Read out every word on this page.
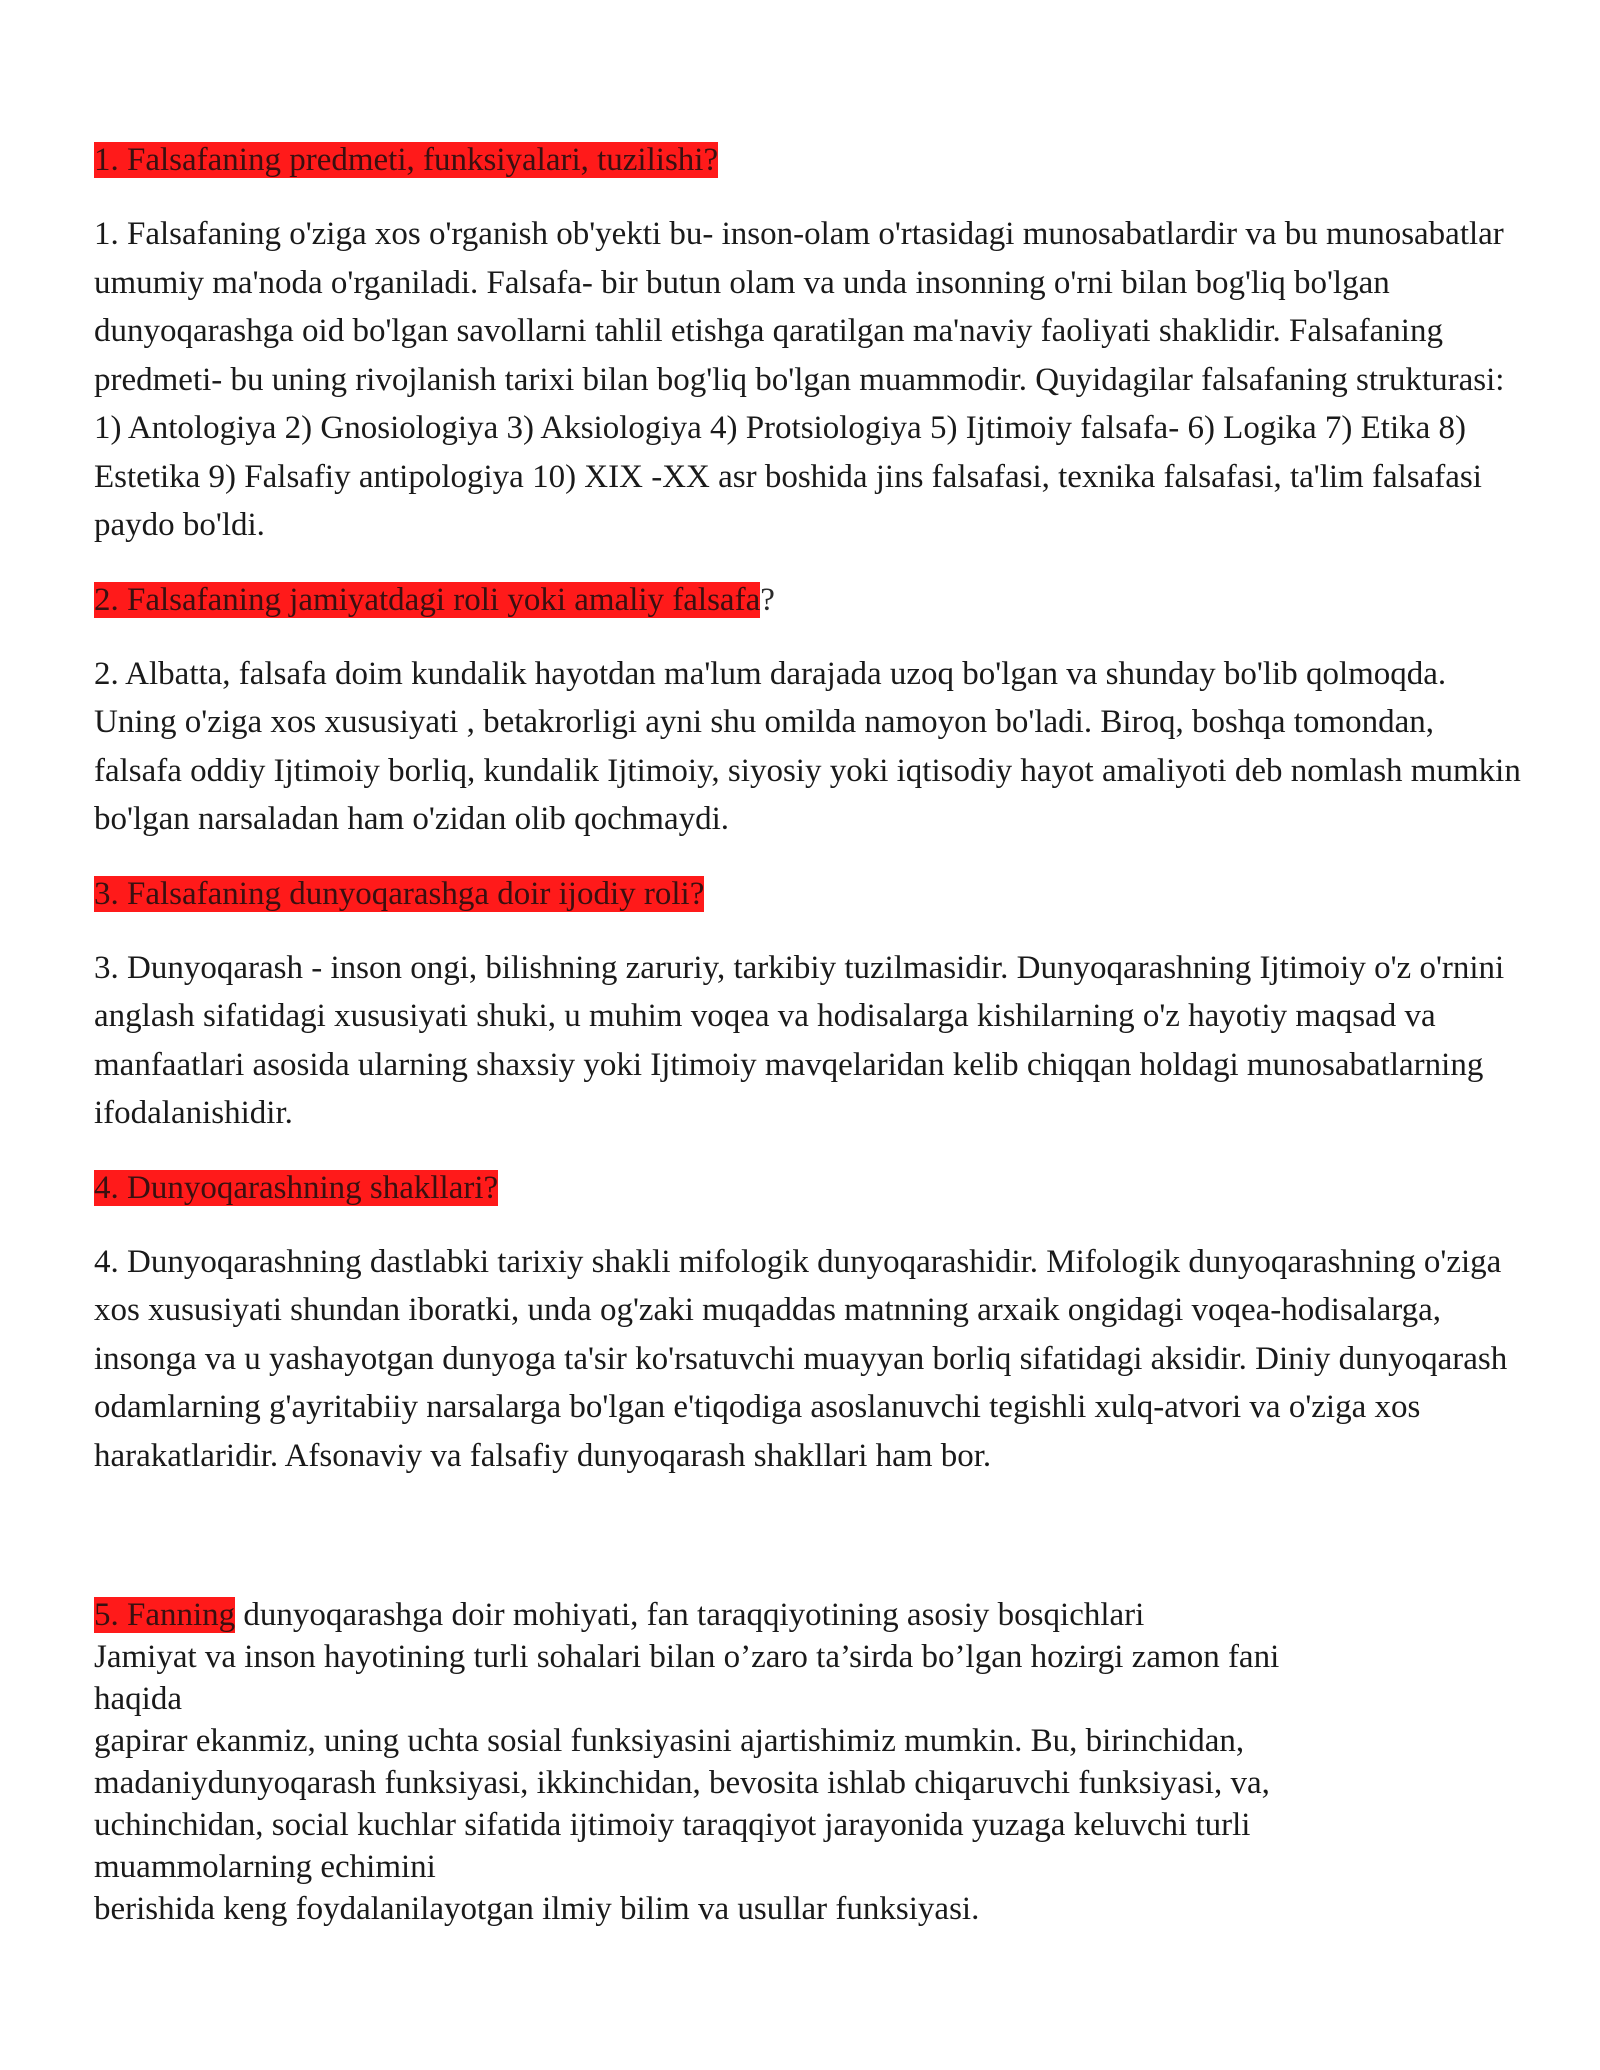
1. Falsafaning predmeti, funksiyalari, tuzilishi?

1. Falsafaning o'ziga xos o'rganish ob'yekti bu- inson-olam o'rtasidagi munosabatlardir va bu munosabatlar umumiy ma'noda o'rganiladi. Falsafa- bir butun olam va unda insonning o'rni bilan bog'liq bo'lgan dunyoqarashga oid bo'lgan savollarni tahlil etishga qaratilgan ma'naviy faoliyati shaklidir. Falsafaning predmeti- bu uning rivojlanish tarixi bilan bog'liq bo'lgan muammodir. Quyidagilar falsafaning strukturasi: 1) Antologiya 2) Gnosiologiya 3) Aksiologiya 4) Protsiologiya 5) Ijtimoiy falsafa- 6) Logika 7) Etika 8) Estetika 9) Falsafiy antipologiya 10) XIX -XX asr boshida jins falsafasi, texnika falsafasi, ta'lim falsafasi paydo bo'ldi.

2. Falsafaning jamiyatdagi roli yoki amaliy falsafa?

2. Albatta, falsafa doim kundalik hayotdan ma'lum darajada uzoq bo'lgan va shunday bo'lib qolmoqda. Uning o'ziga xos xususiyati , betakrorligi ayni shu omilda namoyon bo'ladi. Biroq, boshqa tomondan, falsafa oddiy Ijtimoiy borliq, kundalik Ijtimoiy, siyosiy yoki iqtisodiy hayot amaliyoti deb nomlash mumkin bo'lgan narsaladan ham o'zidan olib qochmaydi.

3. Falsafaning dunyoqarashga doir ijodiy roli?

3. Dunyoqarash - inson ongi, bilishning zaruriy, tarkibiy tuzilmasidir. Dunyoqarashning Ijtimoiy o'z o'rnini anglash sifatidagi xususiyati shuki, u muhim voqea va hodisalarga kishilarning o'z hayotiy maqsad va manfaatlari asosida ularning shaxsiy yoki Ijtimoiy mavqelaridan kelib chiqqan holdagi munosabatlarning ifodalanishidir.

4. Dunyoqarashning shakllari?

4. Dunyoqarashning dastlabki tarixiy shakli mifologik dunyoqarashidir. Mifologik dunyoqarashning o'ziga xos xususiyati shundan iboratki, unda og'zaki muqaddas matnning arxaik ongidagi voqea-hodisalarga, insonga va u yashayotgan dunyoga ta'sir ko'rsatuvchi muayyan borliq sifatidagi aksidir. Diniy dunyoqarash odamlarning g'ayritabiiy narsalarga bo'lgan e'tiqodiga asoslanuvchi tegishli xulq-atvori va o'ziga xos harakatlaridir. Afsonaviy va falsafiy dunyoqarash shakllari ham bor.

5. Fanning dunyoqarashga doir mohiyati, fan taraqqiyotining asosiy bosqichlari
Jamiyat va inson hayotining turli sohalari bilan o’zaro ta’sirda bo’lgan hozirgi zamon fani
haqida
gapirar ekanmiz, uning uchta sosial funksiyasini ajartishimiz mumkin. Bu, birinchidan,
madaniydunyoqarash funksiyasi, ikkinchidan, bevosita ishlab chiqaruvchi funksiyasi, va,
uchinchidan, social kuchlar sifatida ijtimoiy taraqqiyot jarayonida yuzaga keluvchi turli
muammolarning echimini
berishida keng foydalanilayotgan ilmiy bilim va usullar funksiyasi.
